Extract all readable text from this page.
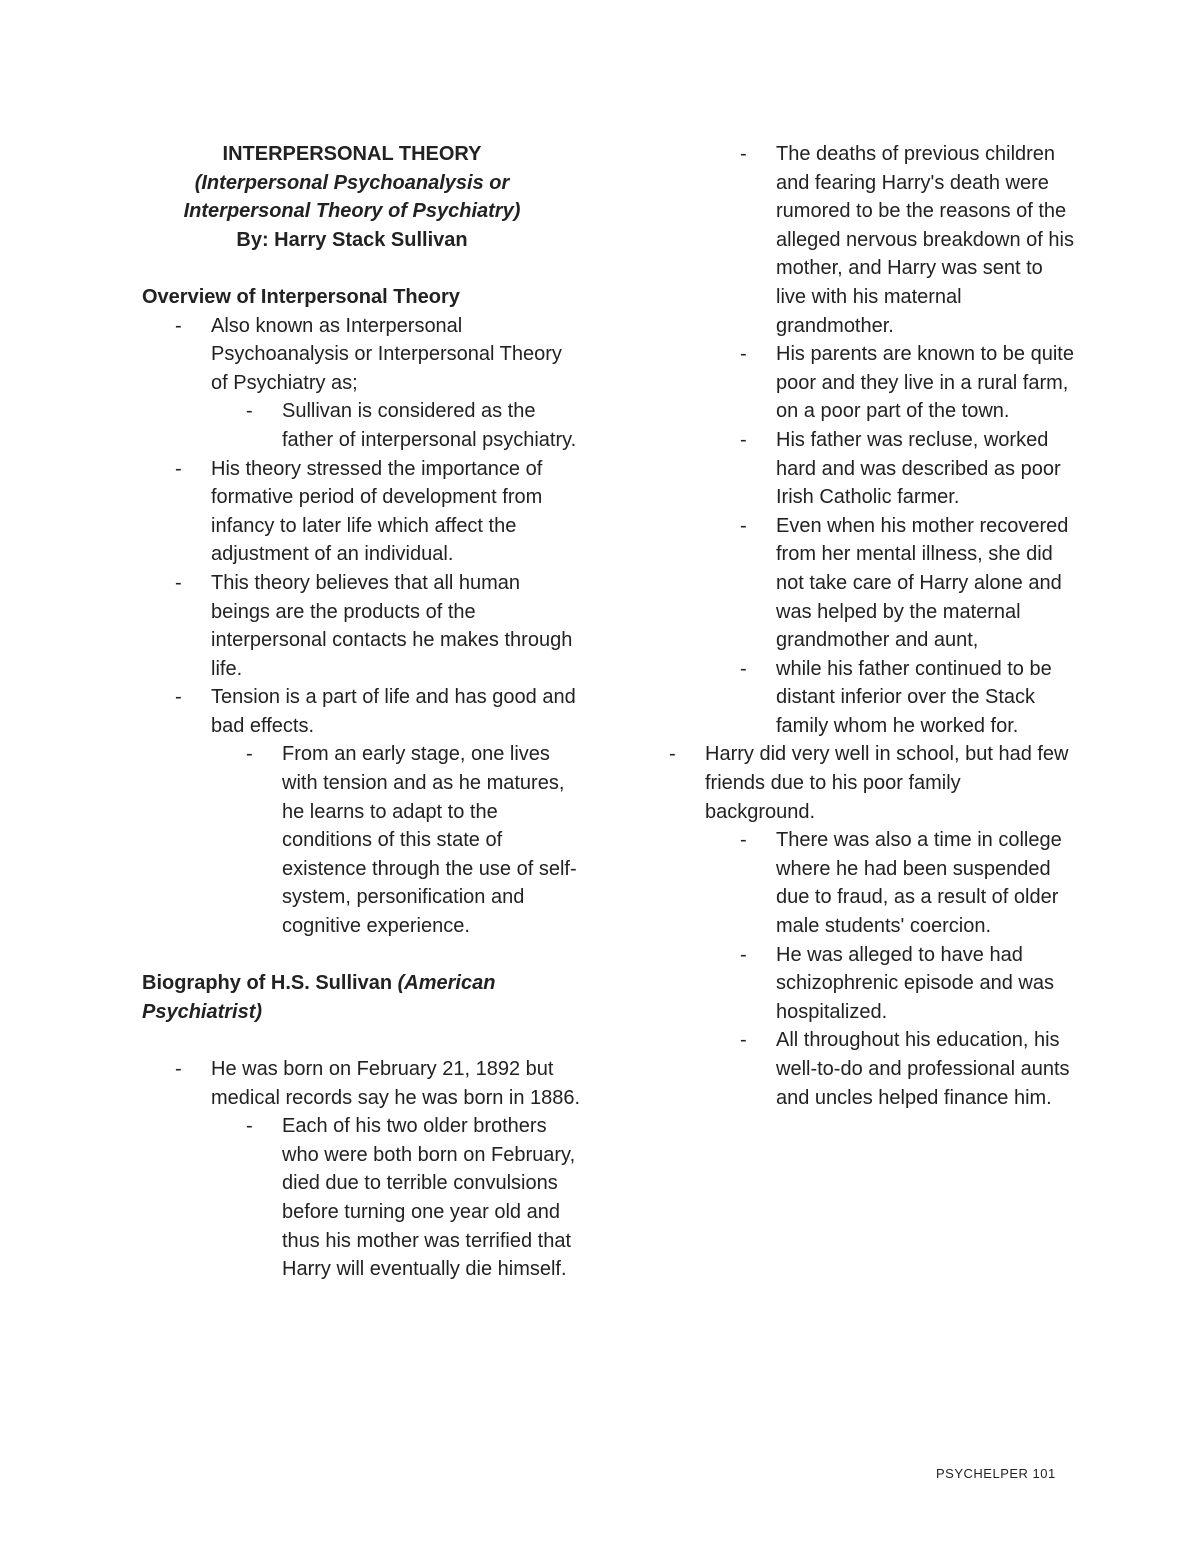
INTERPERSONAL THEORY
(Interpersonal Psychoanalysis or
Interpersonal Theory of Psychiatry)
By: Harry Stack Sullivan

Overview of Interpersonal Theory

-	Also known as Interpersonal Psychoanalysis or Interpersonal Theory of Psychiatry as;
-	Sullivan is considered as the father of interpersonal psychiatry.
-	His theory stressed the importance of formative period of development from infancy to later life which affect the adjustment of an individual.
-	This theory believes that all human beings are the products of the interpersonal contacts he makes through life.
-	Tension is a part of life and has good and bad effects.
-	From an early stage, one lives with tension and as he matures, he learns to adapt to the conditions of this state of existence through the use of self-system, personification and cognitive experience.

Biography of H.S. Sullivan (American Psychiatrist)

-	He was born on February 21, 1892 but medical records say he was born in 1886.
-	Each of his two older brothers who were both born on February, died due to terrible convulsions before turning one year old and thus his mother was terrified that Harry will eventually die himself.
-	The deaths of previous children and fearing Harry's death were rumored to be the reasons of the alleged nervous breakdown of his mother, and Harry was sent to live with his maternal grandmother.
-	His parents are known to be quite poor and they live in a rural farm, on a poor part of the town.
-	His father was recluse, worked hard and was described as poor Irish Catholic farmer.
-	Even when his mother recovered from her mental illness, she did not take care of Harry alone and was helped by the maternal grandmother and aunt,
-	while his father continued to be distant inferior over the Stack family whom he worked for.
-	Harry did very well in school, but had few friends due to his poor family background.
-	There was also a time in college where he had been suspended due to fraud, as a result of older male students' coercion.
-	He was alleged to have had schizophrenic episode and was hospitalized.
-	All throughout his education, his well-to-do and professional aunts and uncles helped finance him.
PSYCHELPER 101
